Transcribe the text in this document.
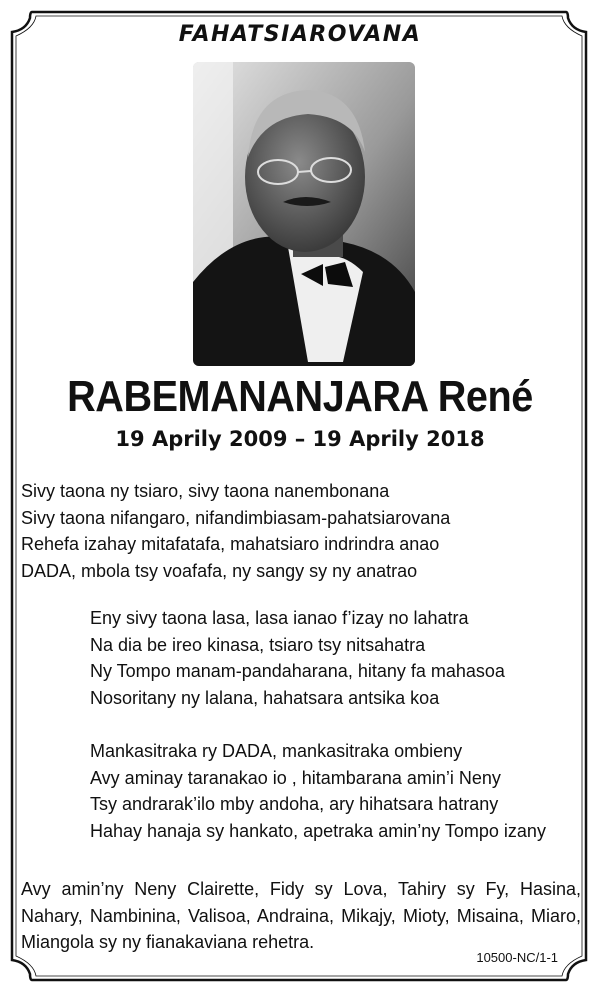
FAHATSIAROVANA
RABEMANANJARA René
19 Aprily 2009 – 19 Aprily 2018
Sivy taona ny tsiaro, sivy taona nanembonana
Sivy taona nifangaro, nifandimbiasam-pahatsiarovana
Rehefa izahay mitafatafa, mahatsiaro indrindra anao
DADA, mbola tsy voafafa, ny sangy sy ny anatrao
Eny sivy taona lasa, lasa ianao f’izay no lahatra
Na dia be ireo kinasa, tsiaro tsy nitsahatra
Ny Tompo manam-pandaharana, hitany fa mahasoa
Nosoritany ny lalana, hahatsara antsika koa
Mankasitraka ry DADA, mankasitraka ombieny
Avy aminay taranakao io , hitambarana amin’i Neny
Tsy andrarak’ilo mby andoha, ary hihatsara hatrany
Hahay hanaja sy hankato, apetraka amin’ny Tompo izany
Avy amin’ny Neny Clairette, Fidy sy Lova, Tahiry sy Fy, Hasina, Nahary, Nambinina, Valisoa, Andraina, Mikajy, Mioty, Misaina, Miaro, Miangola sy ny fianakaviana rehetra.
10500-NC/1-1
